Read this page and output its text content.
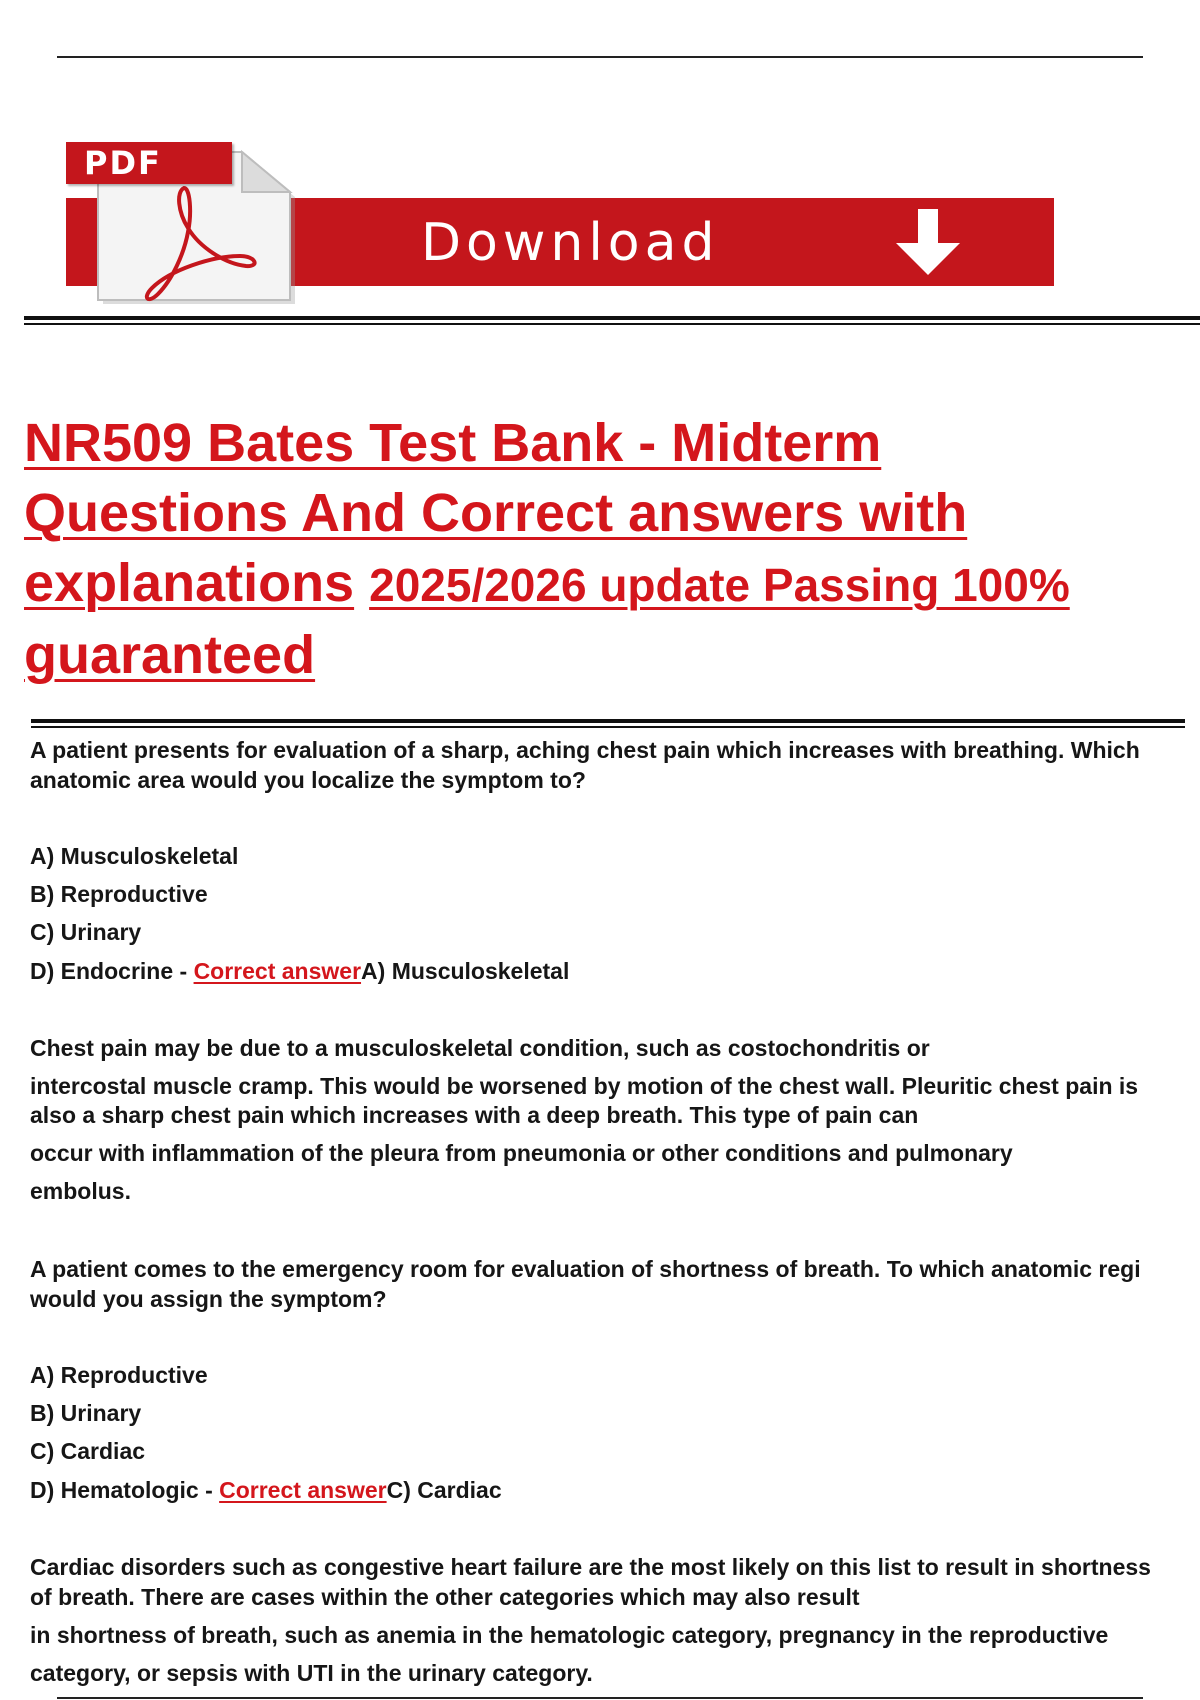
Download
PDF
NR509 Bates Test Bank - Midterm
Questions And Correct answers with
explanations 2025/2026 update Passing 100%
guaranteed

A patient presents for evaluation of a sharp, aching chest pain which increases with breathing. Which

anatomic area would you localize the symptom to?

A) Musculoskeletal

B) Reproductive

C) Urinary

D) Endocrine - Correct answerA) Musculoskeletal

Chest pain may be due to a musculoskeletal condition, such as costochondritis or

intercostal muscle cramp. This would be worsened by motion of the chest wall. Pleuritic chest pain is

also a sharp chest pain which increases with a deep breath. This type of pain can

occur with inflammation of the pleura from pneumonia or other conditions and pulmonary

embolus.

A patient comes to the emergency room for evaluation of shortness of breath. To which anatomic regi

would you assign the symptom?

A) Reproductive

B) Urinary

C) Cardiac

D) Hematologic - Correct answerC) Cardiac

Cardiac disorders such as congestive heart failure are the most likely on this list to result in shortness

of breath. There are cases within the other categories which may also result

in shortness of breath, such as anemia in the hematologic category, pregnancy in the reproductive

category, or sepsis with UTI in the urinary category.
